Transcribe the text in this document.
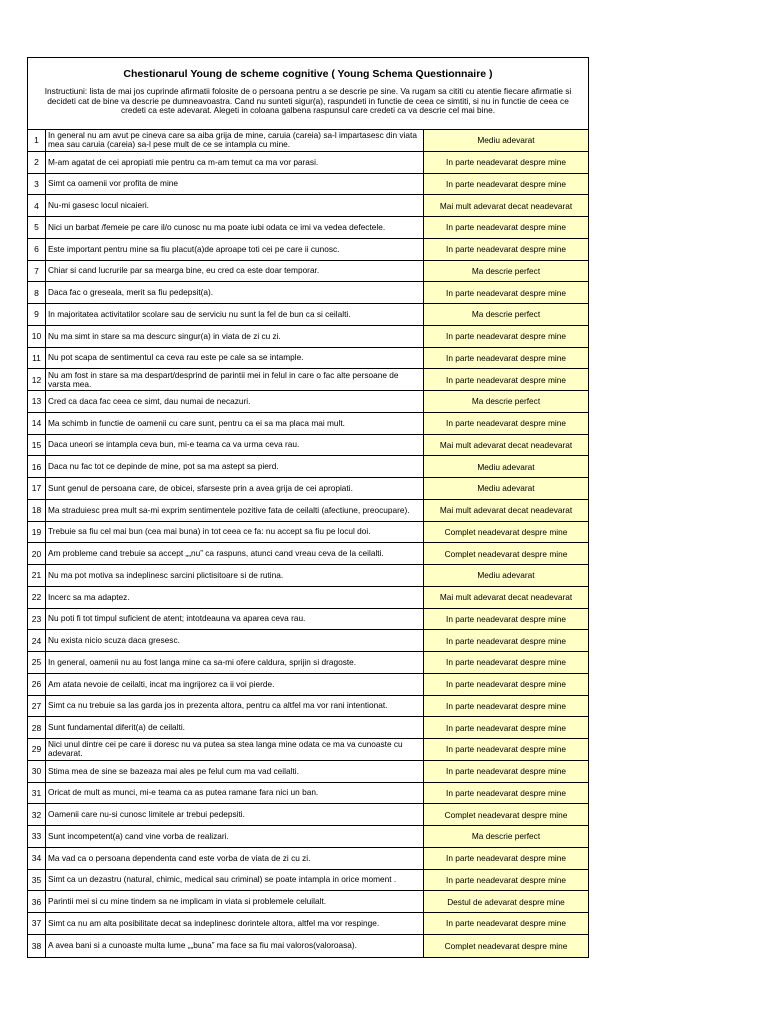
Chestionarul Young de scheme cognitive ( Young Schema Questionnaire )
Instructiuni: lista de mai jos cuprinde afirmatii folosite de o persoana pentru a se descrie pe sine. Va rugam sa cititi cu atentie fiecare afirmatie si decideti cat de bine va descrie pe dumneavoastra. Cand nu sunteti sigur(a), raspundeti in functie de ceea ce simtiti, si nu in functie de ceea ce credeti ca este adevarat. Alegeti in coloana galbena raspunsul care credeti ca va descrie cel mai bine.
1	In general nu am avut pe cineva care sa aiba grija de mine, caruia (careia) sa-l impartasesc din viata mea sau caruia (careia) sa-l pese mult de ce se intampla cu mine.	Mediu adevarat
2	M-am agatat de cei apropiati mie pentru ca m-am temut ca ma vor parasi.	In parte neadevarat despre mine
3	Simt ca oamenii vor profita de mine	In parte neadevarat despre mine
4	Nu-mi gasesc locul nicaieri.	Mai mult adevarat decat neadevarat
5	Nici un barbat /femeie pe care il/o cunosc nu ma poate iubi odata ce imi va vedea defectele.	In parte neadevarat despre mine
6	Este important pentru mine sa fiu placut(a)de aproape toti cei pe care ii cunosc.	In parte neadevarat despre mine
7	Chiar si cand lucrurile par sa mearga bine, eu cred ca este doar temporar.	Ma descrie perfect
8	Daca fac o greseala, merit sa fiu pedepsit(a).	In parte neadevarat despre mine
9	In majoritatea activitatilor scolare sau de serviciu nu sunt la fel de bun ca si ceilalti.	Ma descrie perfect
10 Nu ma simt in stare sa ma descurc singur(a) in viata de zi cu zi.	In parte neadevarat despre mine
11 Nu pot scapa de sentimentul ca ceva rau este pe cale sa se intample.	In parte neadevarat despre mine
12 Nu am fost in stare sa ma despart/desprind de parintii mei in felul in care o fac alte persoane de varsta mea.	In parte neadevarat despre mine
13 Cred ca daca fac ceea ce simt, dau numai de necazuri.	Ma descrie perfect
14 Ma schimb in functie de oamenii cu care sunt, pentru ca ei sa ma placa mai mult.	In parte neadevarat despre mine
15 Daca uneori se intampla ceva bun, mi-e teama ca va urma ceva rau.	Mai mult adevarat decat neadevarat
16 Daca nu fac tot ce depinde de mine, pot sa ma astept sa pierd.	Mediu adevarat
17 Sunt genul de persoana care, de obicei, sfarseste prin a avea grija de cei apropiati.	Mediu adevarat
18 Ma straduiesc prea mult sa-mi exprim sentimentele pozitive fata de ceilalti (afectiune, preocupare).	Mai mult adevarat decat neadevarat
19 Trebuie sa fiu cel mai bun (cea mai buna) in tot ceea ce fa: nu accept sa fiu pe locul doi.	Complet neadevarat despre mine
20 Am probleme cand trebuie sa accept „„nu” ca raspuns, atunci cand vreau ceva de la ceilalti.	Complet neadevarat despre mine
21 Nu ma pot motiva sa indeplinesc sarcini plictisitoare si de rutina.	Mediu adevarat
22 Incerc sa ma adaptez.	Mai mult adevarat decat neadevarat
23 Nu poti fi tot timpul suficient de atent; intotdeauna va aparea ceva rau.	In parte neadevarat despre mine
24 Nu exista nicio scuza daca gresesc.	In parte neadevarat despre mine
25 In general, oamenii nu au fost langa mine ca sa-mi ofere caldura, sprijin si dragoste.	In parte neadevarat despre mine
26 Am atata nevoie de ceilalti, incat ma ingrijorez ca ii voi pierde.	In parte neadevarat despre mine
27 Simt ca nu trebuie sa las garda jos in prezenta altora, pentru ca altfel ma vor rani intentionat.	In parte neadevarat despre mine
28 Sunt fundamental diferit(a) de ceilalti.	In parte neadevarat despre mine
29 Nici unul dintre cei pe care ii doresc nu va putea sa stea langa mine odata ce ma va cunoaste cu adevarat.	In parte neadevarat despre mine
30 Stima mea de sine se bazeaza mai ales pe felul cum ma vad ceilalti.	In parte neadevarat despre mine
31 Oricat de mult as munci, mi-e teama ca as putea ramane fara nici un ban.	In parte neadevarat despre mine
32 Oamenii care nu-si cunosc limitele ar trebui pedepsiti.	Complet neadevarat despre mine
33 Sunt incompetent(a) cand vine vorba de realizari.	Ma descrie perfect
34 Ma vad ca o persoana dependenta cand este vorba de viata de zi cu zi.	In parte neadevarat despre mine
35 Simt ca un dezastru (natural, chimic, medical sau criminal) se poate intampla in orice moment .	In parte neadevarat despre mine
36 Parintii mei si cu mine tindem sa ne implicam in viata si problemele celuilalt.	Destul de adevarat despre mine
37 Simt ca nu am alta posibilitate decat sa indeplinesc dorintele altora, altfel ma vor respinge.	In parte neadevarat despre mine
38 A avea bani si a cunoaste multa lume „„buna” ma face sa fiu mai valoros(valoroasa).	Complet neadevarat despre mine
